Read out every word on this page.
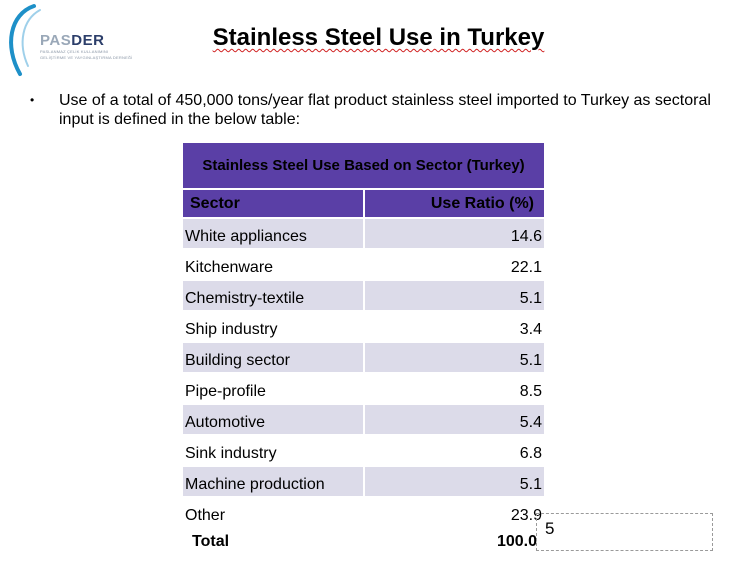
PASDER
PASLANMAZ ÇELİK KULLANIMINI
GELİŞTİRME VE YAYGINLAŞTIRMA DERNEĞİ
Stainless Steel Use in Turkey
• Use of a total of 450,000 tons/year flat product stainless steel imported to Turkey as sectoral input is defined in the below table:
Stainless Steel Use Based on Sector (Turkey)	
Sector	Use Ratio (%)
White appliances	14.6
Kitchenware	22.1
Chemistry-textile	5.1
Ship industry	3.4
Building sector	5.1
Pipe-profile	8.5
Automotive	5.4
Sink industry	6.8
Machine production	5.1
Other	23.9
Total	100.0
5
